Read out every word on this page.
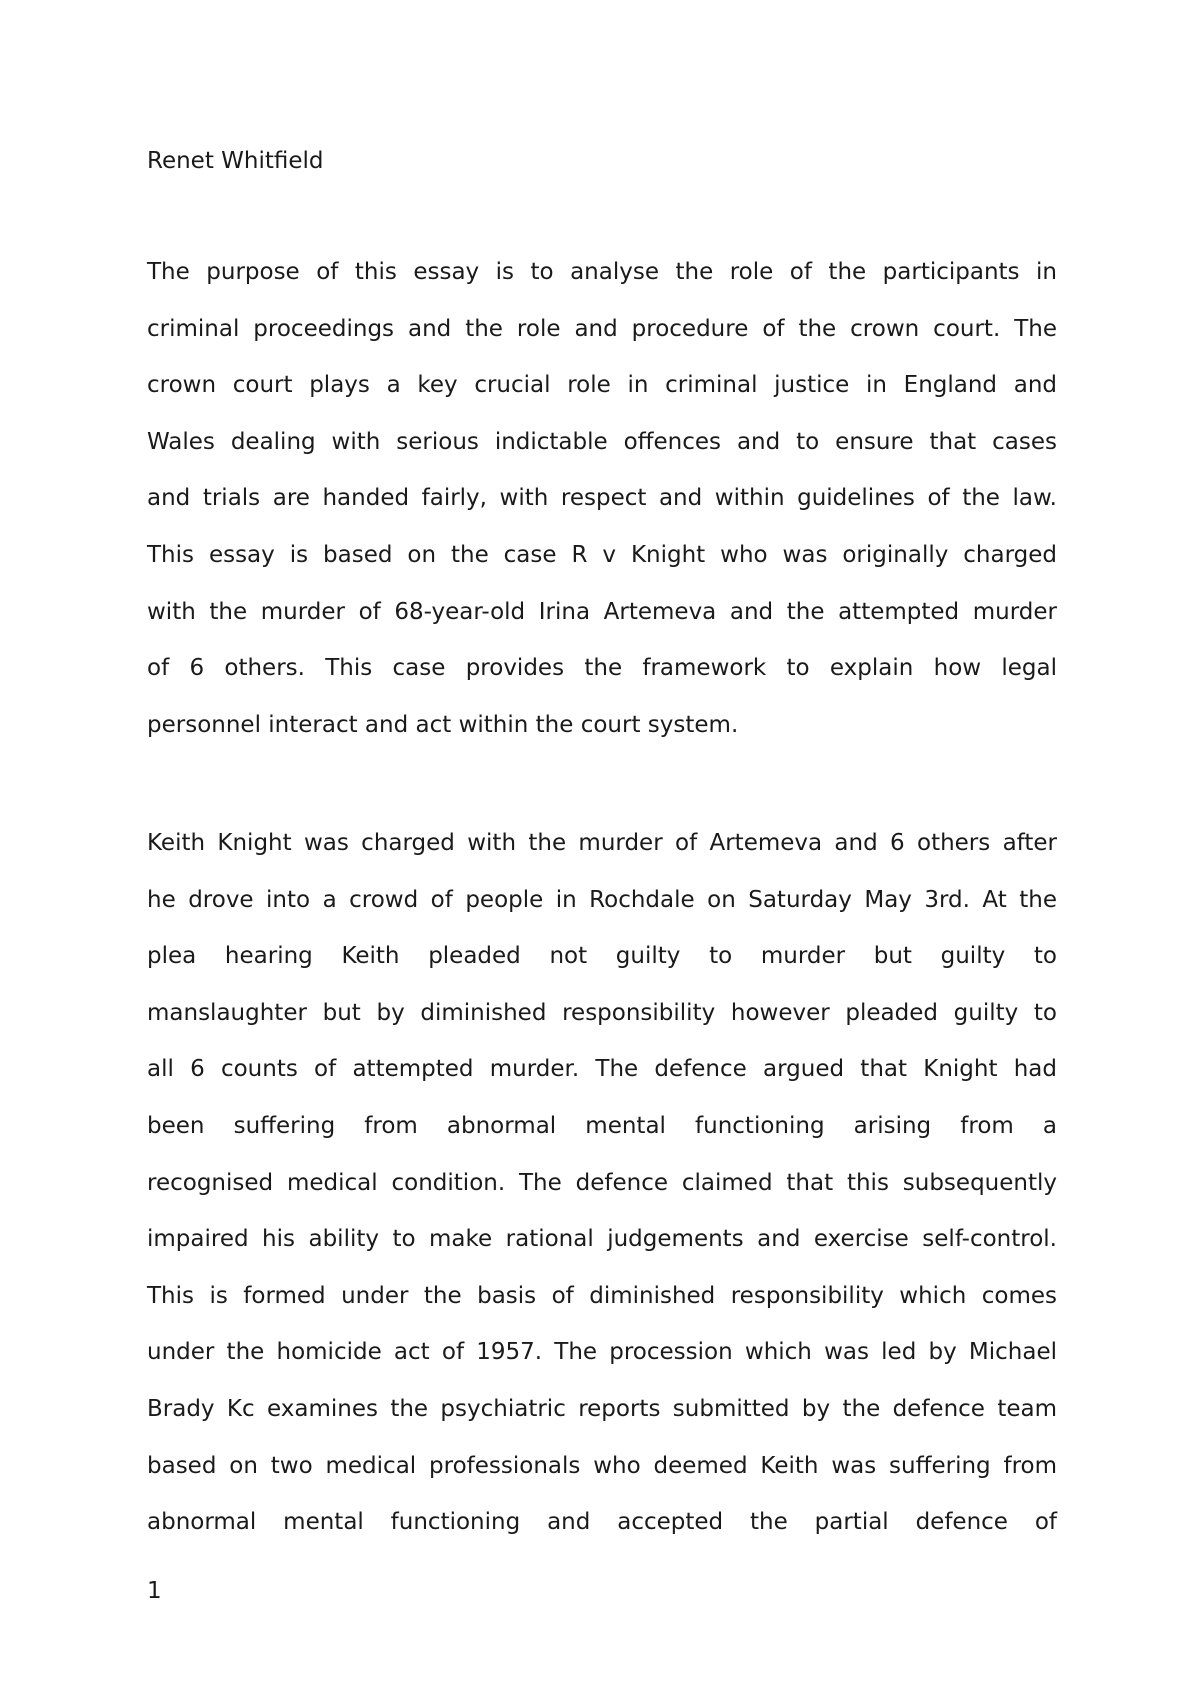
Renet Whitfield
The purpose of this essay is to analyse the role of the participants in
criminal proceedings and the role and procedure of the crown court. The
crown court plays a key crucial role in criminal justice in England and
Wales dealing with serious indictable offences and to ensure that cases
and trials are handed fairly, with respect and within guidelines of the law.
This essay is based on the case R v Knight who was originally charged
with the murder of 68-year-old Irina Artemeva and the attempted murder
of 6 others. This case provides the framework to explain how legal
personnel interact and act within the court system.
Keith Knight was charged with the murder of Artemeva and 6 others after
he drove into a crowd of people in Rochdale on Saturday May 3rd. At the
plea hearing Keith pleaded not guilty to murder but guilty to
manslaughter but by diminished responsibility however pleaded guilty to
all 6 counts of attempted murder. The defence argued that Knight had
been suffering from abnormal mental functioning arising from a
recognised medical condition. The defence claimed that this subsequently
impaired his ability to make rational judgements and exercise self-control.
This is formed under the basis of diminished responsibility which comes
under the homicide act of 1957. The procession which was led by Michael
Brady Kc examines the psychiatric reports submitted by the defence team
based on two medical professionals who deemed Keith was suffering from
abnormal mental functioning and accepted the partial defence of
1
